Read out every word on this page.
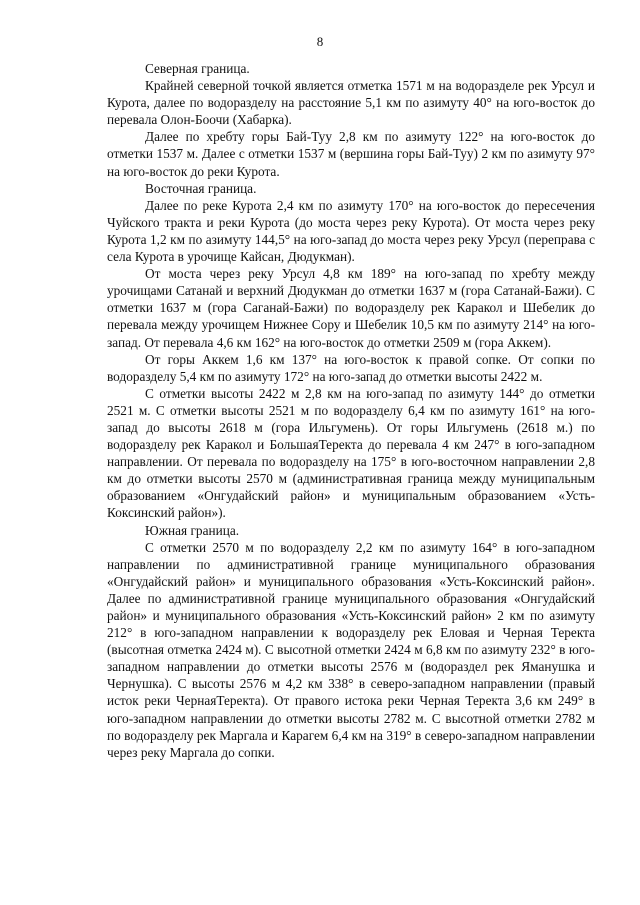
8

Северная граница.

Крайней северной точкой является отметка 1571 м на водоразделе рек Урсул и Курота, далее по водоразделу на расстояние 5,1 км по азимуту 40° на юго-восток до перевала Олон-Боочи (Хабарка).

Далее по хребту горы Бай-Туу 2,8 км по азимуту 122° на юго-восток до отметки 1537 м. Далее с отметки 1537 м (вершина горы Бай-Туу) 2 км по азимуту 97° на юго-восток до реки Курота.

Восточная граница.

Далее по реке Курота 2,4 км по азимуту 170° на юго-восток до пересечения Чуйского тракта и реки Курота (до моста через реку Курота). От моста через реку Курота 1,2 км по азимуту 144,5° на юго-запад до моста через реку Урсул (переправа с села Курота в урочище Кайсан, Дюдукман).

От моста через реку Урсул 4,8 км 189° на юго-запад по хребту между урочищами Сатанай и верхний Дюдукман до отметки 1637 м (гора Сатанай-Бажи). С отметки 1637 м (гора Саганай-Бажи) по водоразделу рек Каракол и Шебелик до перевала между урочищем Нижнее Сору и Шебелик 10,5 км по азимуту 214° на юго-запад. От перевала 4,6 км 162° на юго-восток до отметки 2509 м (гора Аккем).

От горы Аккем 1,6 км 137° на юго-восток к правой сопке. От сопки по водоразделу 5,4 км по азимуту 172° на юго-запад до отметки высоты 2422 м.

С отметки высоты 2422 м 2,8 км на юго-запад по азимуту 144° до отметки 2521 м. С отметки высоты 2521 м по водоразделу 6,4 км по азимуту 161° на юго-запад до высоты 2618 м (гора Ильгумень). От горы Ильгумень (2618 м.) по водоразделу рек Каракол и БольшаяТеректа до перевала 4 км 247° в юго-западном направлении. От перевала по водоразделу на 175° в юго-восточном направлении 2,8 км до отметки высоты 2570 м (административная граница между муниципальным образованием «Онгудайский район» и муниципальным образованием «Усть-Коксинский район»).

Южная граница.

С отметки 2570 м по водоразделу 2,2 км по азимуту 164° в юго-западном направлении по административной границе муниципального образования «Онгудайский район» и муниципального образования «Усть-Коксинский район». Далее по административной границе муниципального образования «Онгудайский район» и муниципального образования «Усть-Коксинский район» 2 км по азимуту 212° в юго-западном направлении к водоразделу рек Еловая и Черная Теректа (высотная отметка 2424 м). С высотной отметки 2424 м 6,8 км по азимуту 232° в юго-западном направлении до отметки высоты 2576 м (водораздел рек Яманушка и Чернушка). С высоты 2576 м 4,2 км 338° в северо-западном направлении (правый исток реки ЧернаяТеректа). От правого истока реки Черная Теректа 3,6 км 249° в юго-западном направлении до отметки высоты 2782 м. С высотной отметки 2782 м по водоразделу рек Маргала и Карагем 6,4 км на 319° в северо-западном направлении через реку Маргала до сопки.
